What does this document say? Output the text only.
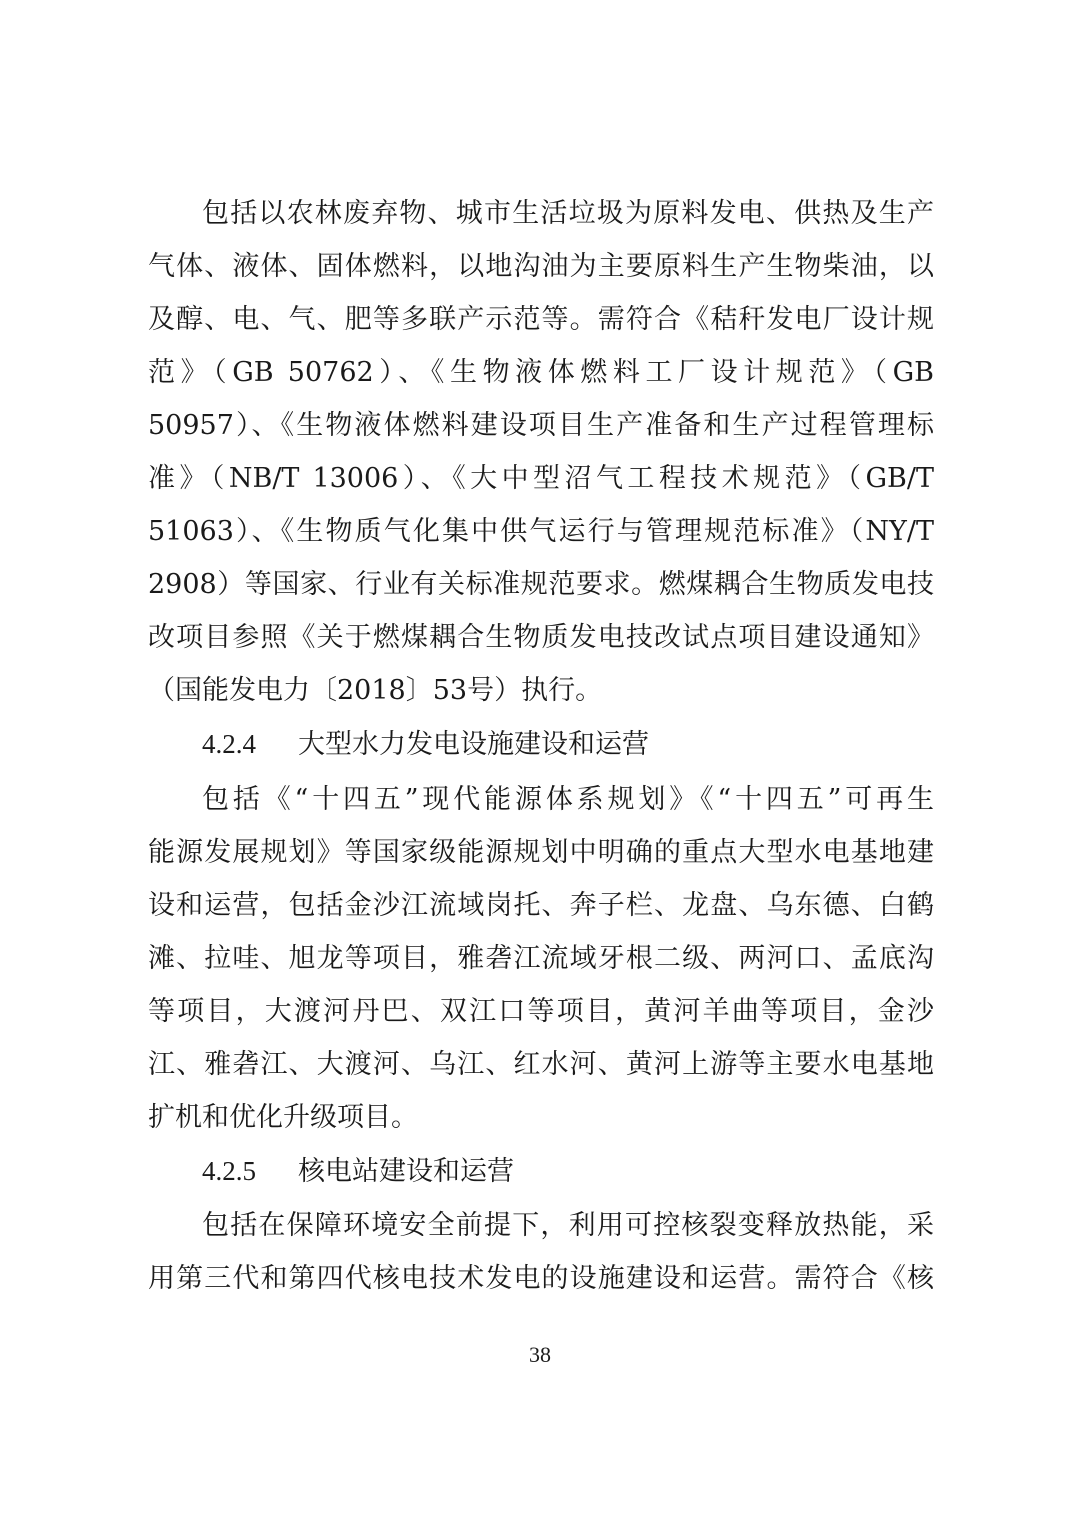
包括以农林废弃物、城市生活垃圾为原料发电、供热及生产
气体、液体、固体燃料，以地沟油为主要原料生产生物柴油，以
及醇、电、气、肥等多联产示范等。需符合《秸秆发电厂设计规
范》（GB 50762）、《生物液体燃料工厂设计规范》（GB
50957）、《生物液体燃料建设项目生产准备和生产过程管理标
准》（NB/T 13006）、《大中型沼气工程技术规范》（GB/T
51063）、《生物质气化集中供气运行与管理规范标准》（NY/T
2908）等国家、行业有关标准规范要求。燃煤耦合生物质发电技
改项目参照《关于燃煤耦合生物质发电技改试点项目建设通知》
（国能发电力〔2018〕53号）执行。
4.2.4 大型水力发电设施建设和运营
包括《“十四五”现代能源体系规划》《“十四五”可再生
能源发展规划》等国家级能源规划中明确的重点大型水电基地建
设和运营，包括金沙江流域岗托、奔子栏、龙盘、乌东德、白鹤
滩、拉哇、旭龙等项目，雅砻江流域牙根二级、两河口、孟底沟
等项目，大渡河丹巴、双江口等项目，黄河羊曲等项目，金沙
江、雅砻江、大渡河、乌江、红水河、黄河上游等主要水电基地
扩机和优化升级项目。
4.2.5 核电站建设和运营
包括在保障环境安全前提下，利用可控核裂变释放热能，采
用第三代和第四代核电技术发电的设施建设和运营。需符合《核
38
